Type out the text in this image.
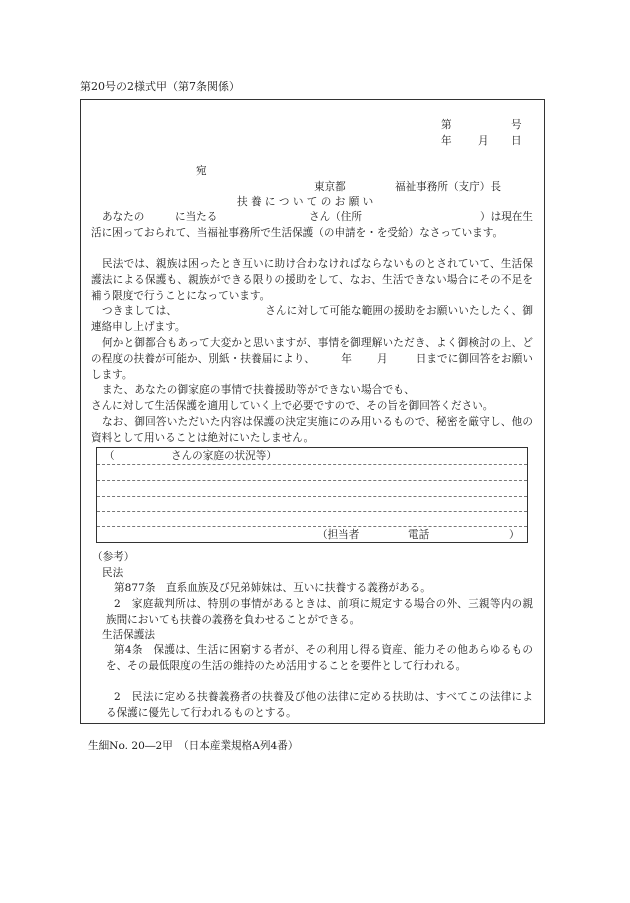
第20号の2様式甲（第7条関係）
第	号
年 月 日
宛
東京都	福祉事務所（支庁）長
扶 養 に つ い て の お 願 い
あなたの	に当たる	さん（住所	）は現在生活に困っておられて、当福祉事務所で生活保護（の申請を・を受給）なさっています。

民法では、親族は困ったとき互いに助け合わなければならないものとされていて、生活保護法による保護も、親族ができる限りの援助をして、なお、生活できない場合にその不足を補う限度で行うことになっています。

つきましては、	さんに対して可能な範囲の援助をお願いいたしたく、御連絡申し上げます。

何かと御都合もあって大変かと思いますが、事情を御理解いただき、よく御検討の上、どの程度の扶養が可能か、別紙・扶養届により、 年 月	日までに御回答をお願いします。

また、あなたの御家庭の事情で扶養援助等ができない場合でも、さんに対して生活保護を適用していく上で必要ですので、その旨を御回答ください。

なお、御回答いただいた内容は保護の決定実施にのみ用いるもので、秘密を厳守し、他の資料として用いることは絶対にいたしません。

（	さんの家庭の状況等）
（担当者	電話	）
（参考）
民法
第877条　直系血族及び兄弟姉妹は、互いに扶養する義務がある。

2　家庭裁判所は、特別の事情があるときは、前項に規定する場合の外、三親等内の親族間においても扶養の義務を負わせることができる。

生活保護法

第4条　保護は、生活に困窮する者が、その利用し得る資産、能力その他あらゆるものを、その最低限度の生活の維持のため活用することを要件として行われる。

2　民法に定める扶養義務者の扶養及び他の法律に定める扶助は、すべてこの法律による保護に優先して行われるものとする。

生細No. 20―2甲　（日本産業規格A列4番）
